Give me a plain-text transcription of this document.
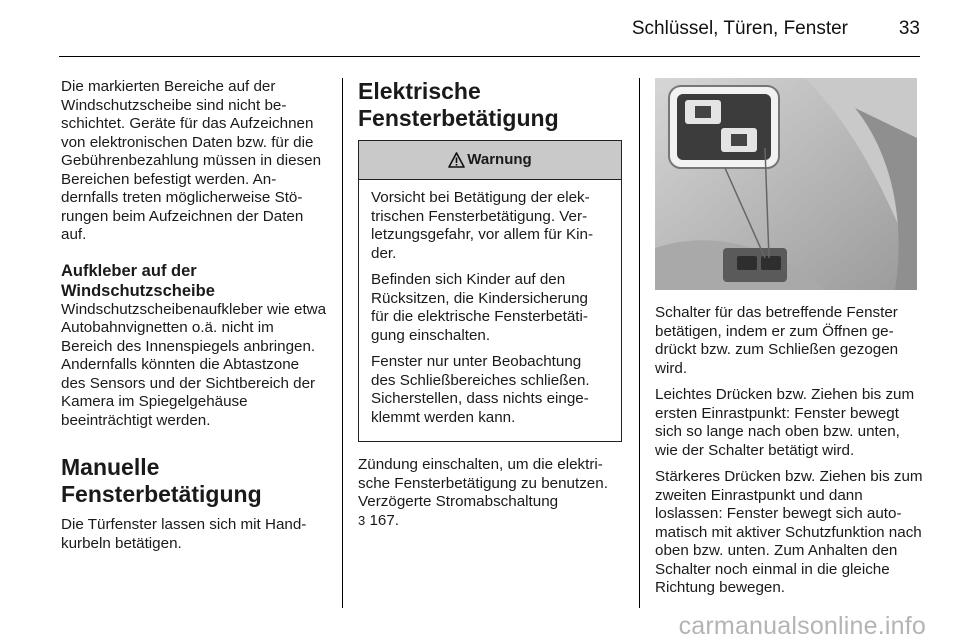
Schlüssel, Türen, Fenster	33

Die markierten Bereiche auf der Windschutzscheibe sind nicht beschichtet. Geräte für das Aufzeichnen von elektronischen Daten bzw. für die Gebührenbezahlung müssen in diesen Bereichen befestigt werden. Andernfalls treten möglicherweise Störungen beim Aufzeichnen der Daten auf.

Aufkleber auf der Windschutzscheibe

Windschutzscheibenaufkleber wie etwa Autobahnvignetten o.ä. nicht im Bereich des Innenspiegels anbringen. Andernfalls könnten die Abtastzone des Sensors und der Sichtbereich der Kamera im Spiegelgehäuse beeinträchtigt werden.

Manuelle Fensterbetätigung

Die Türfenster lassen sich mit Handkurbeln betätigen.

Elektrische Fensterbetätigung
Warnung

Vorsicht bei Betätigung der elektrischen Fensterbetätigung. Verletzungsgefahr, vor allem für Kinder.

Befinden sich Kinder auf den Rücksitzen, die Kindersicherung für die elektrische Fensterbetätigung einschalten.

Fenster nur unter Beobachtung des Schließbereiches schließen. Sicherstellen, dass nichts eingeklemmt werden kann.

Zündung einschalten, um die elektrische Fensterbetätigung zu benutzen. Verzögerte Stromabschaltung
3 167.

Schalter für das betreffende Fenster betätigen, indem er zum Öffnen gedrückt bzw. zum Schließen gezogen wird.

Leichtes Drücken bzw. Ziehen bis zum ersten Einrastpunkt: Fenster bewegt sich so lange nach oben bzw. unten, wie der Schalter betätigt wird.

Stärkeres Drücken bzw. Ziehen bis zum zweiten Einrastpunkt und dann loslassen: Fenster bewegt sich automatisch mit aktiver Schutzfunktion nach oben bzw. unten. Zum Anhalten den Schalter noch einmal in die gleiche Richtung bewegen.

carmanualsonline.info
